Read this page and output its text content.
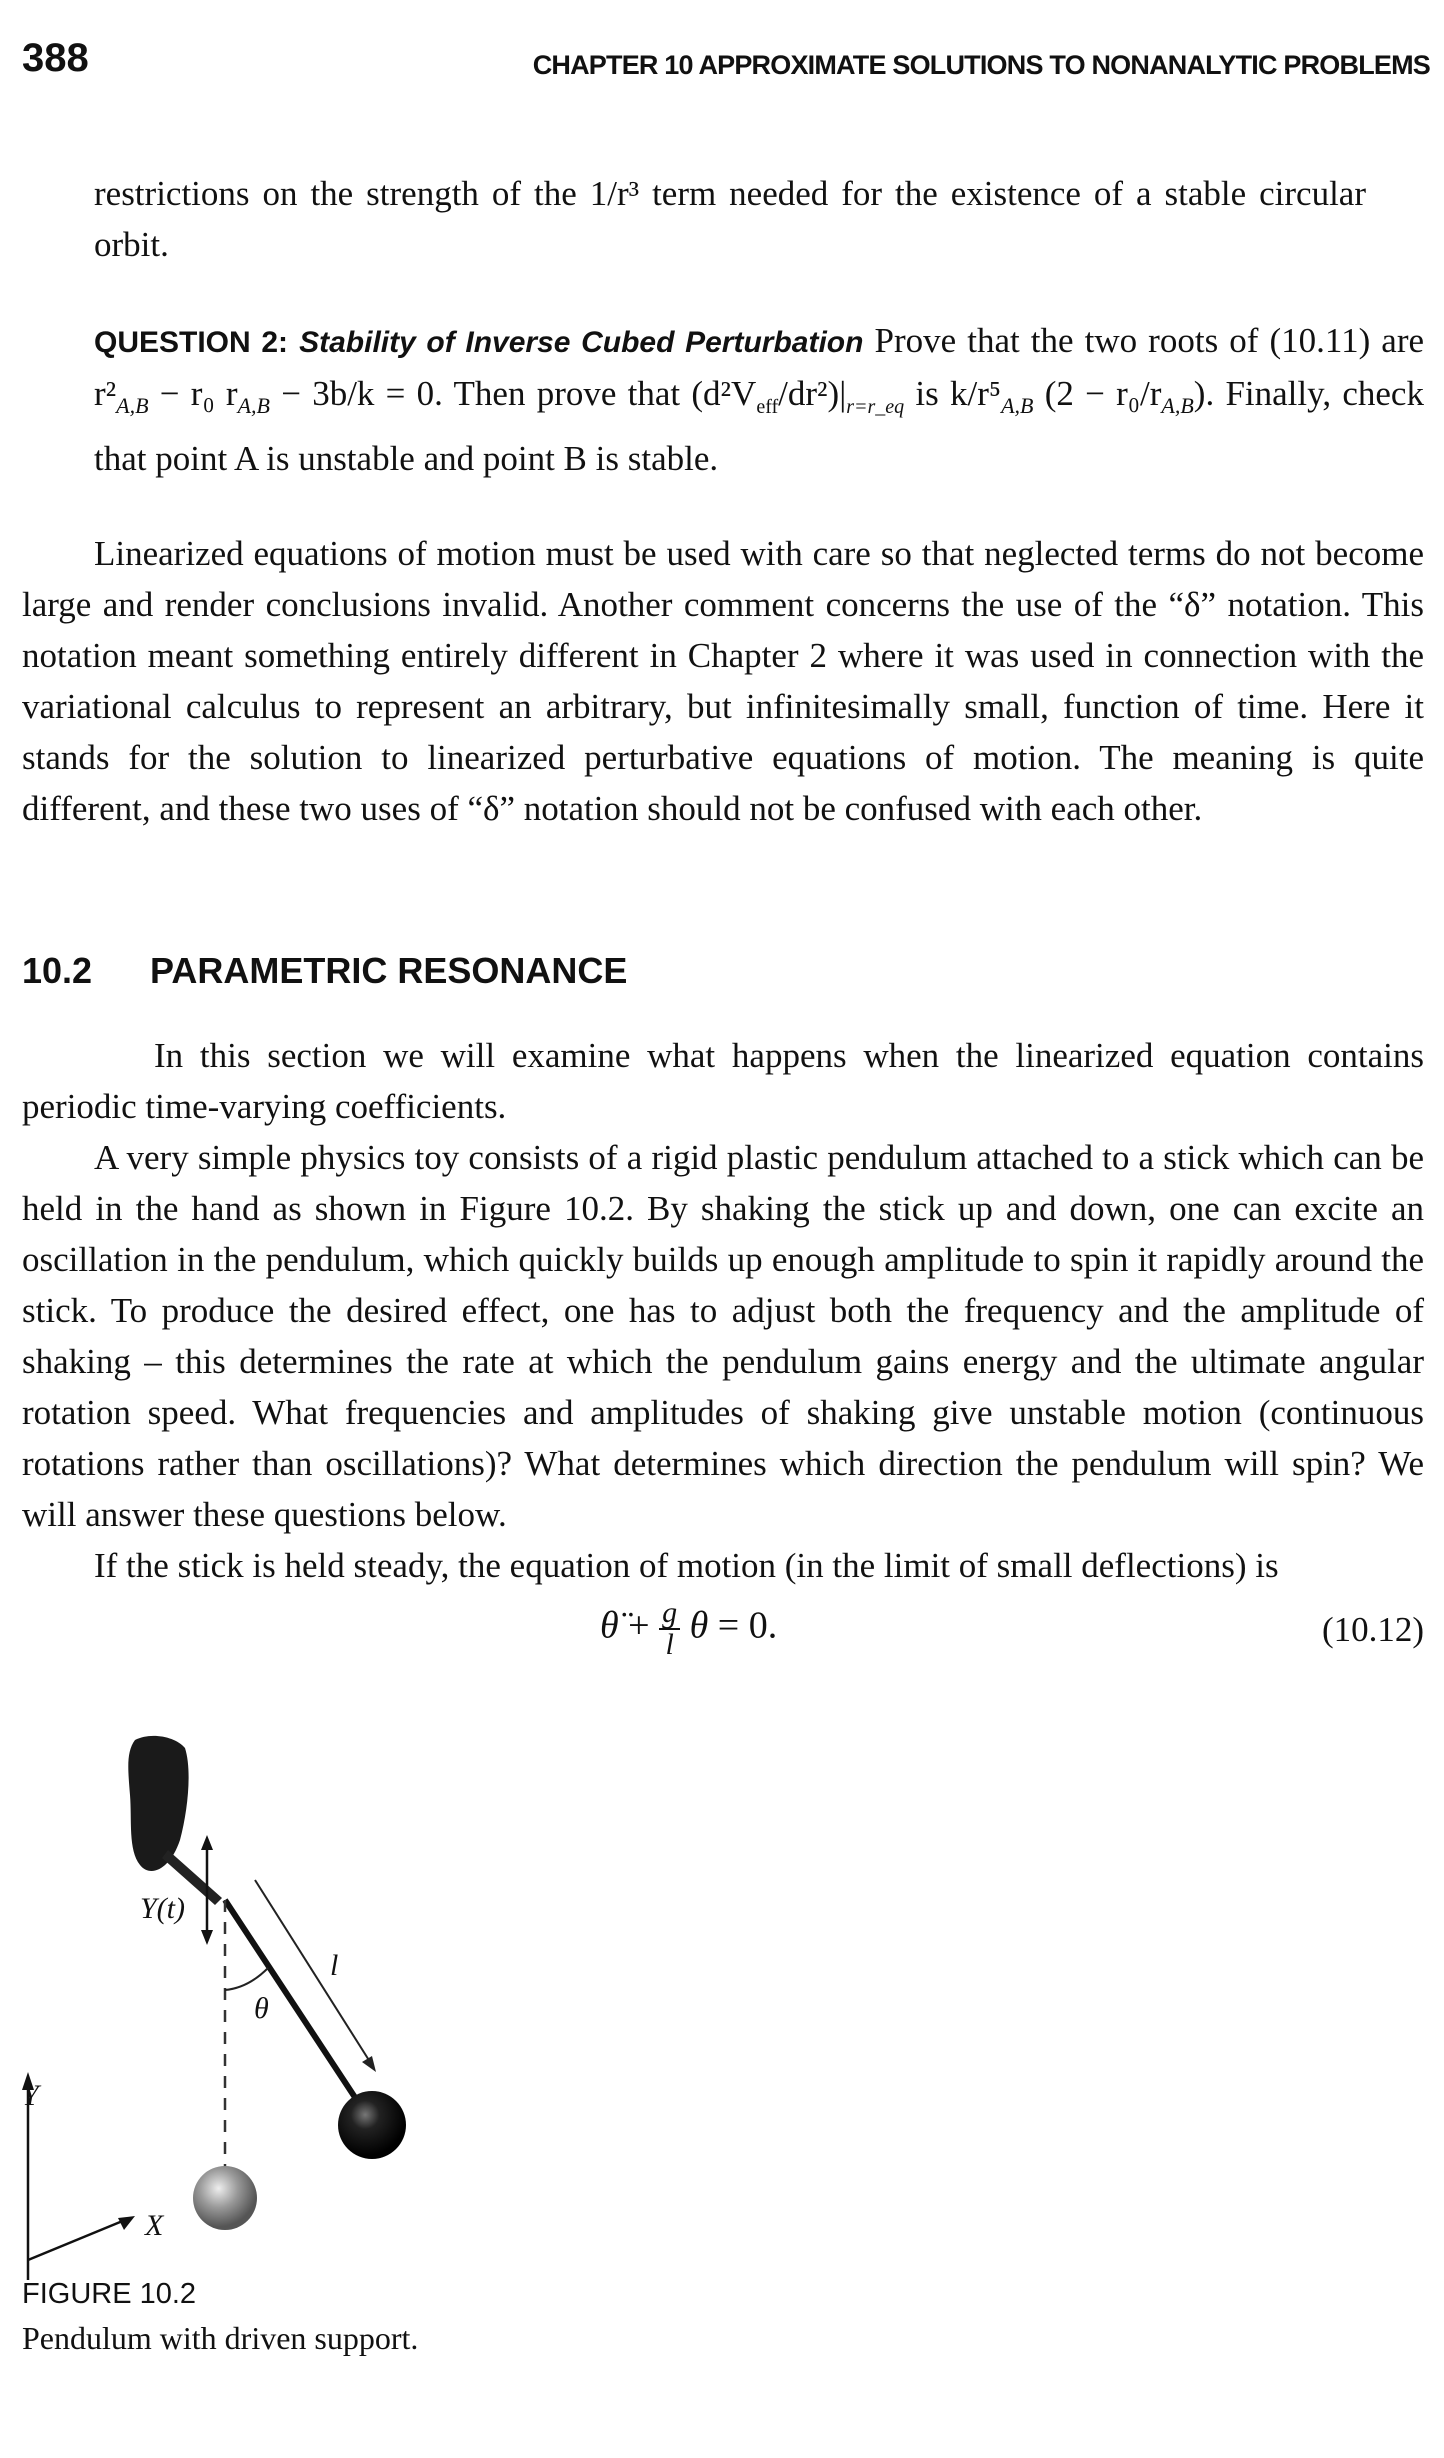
388	CHAPTER 10 APPROXIMATE SOLUTIONS TO NONANALYTIC PROBLEMS
restrictions on the strength of the 1/r³ term needed for the existence of a stable circular orbit.
QUESTION 2: Stability of Inverse Cubed Perturbation Prove that the two roots of (10.11) are $r^2_{A,B} - r_0$ $r_{A,B} - 3b/k = 0$. Then prove that $(d^2V_{eff}/dr^2)|_{r=r\_eq}$ is $k/r^5_{A,B}$ $(2 - r_0/r_{A,B})$. Finally, check that point A is unstable and point B is stable.
Linearized equations of motion must be used with care so that neglected terms do not become large and render conclusions invalid. Another comment concerns the use of the “δ” notation. This notation meant something entirely different in Chapter 2 where it was used in connection with the variational calculus to represent an arbitrary, but infinitesimally small, function of time. Here it stands for the solution to linearized perturbative equations of motion. The meaning is quite different, and these two uses of “δ” notation should not be confused with each other.
10.2 PARAMETRIC RESONANCE
In this section we will examine what happens when the linearized equation contains periodic time-varying coefficients.
A very simple physics toy consists of a rigid plastic pendulum attached to a stick which can be held in the hand as shown in Figure 10.2. By shaking the stick up and down, one can excite an oscillation in the pendulum, which quickly builds up enough amplitude to spin it rapidly around the stick. To produce the desired effect, one has to adjust both the frequency and the amplitude of shaking – this determines the rate at which the pendulum gains energy and the ultimate angular rotation speed. What frequencies and amplitudes of shaking give unstable motion (continuous rotations rather than oscillations)? What determines which direction the pendulum will spin? We will answer these questions below.
If the stick is held steady, the equation of motion (in the limit of small deflections) is
θ̈ + $\frac{g}{l}$ θ = 0.	(10.12)
Y(t)
θ
l
Y
X
FIGURE 10.2
Pendulum with driven support.
